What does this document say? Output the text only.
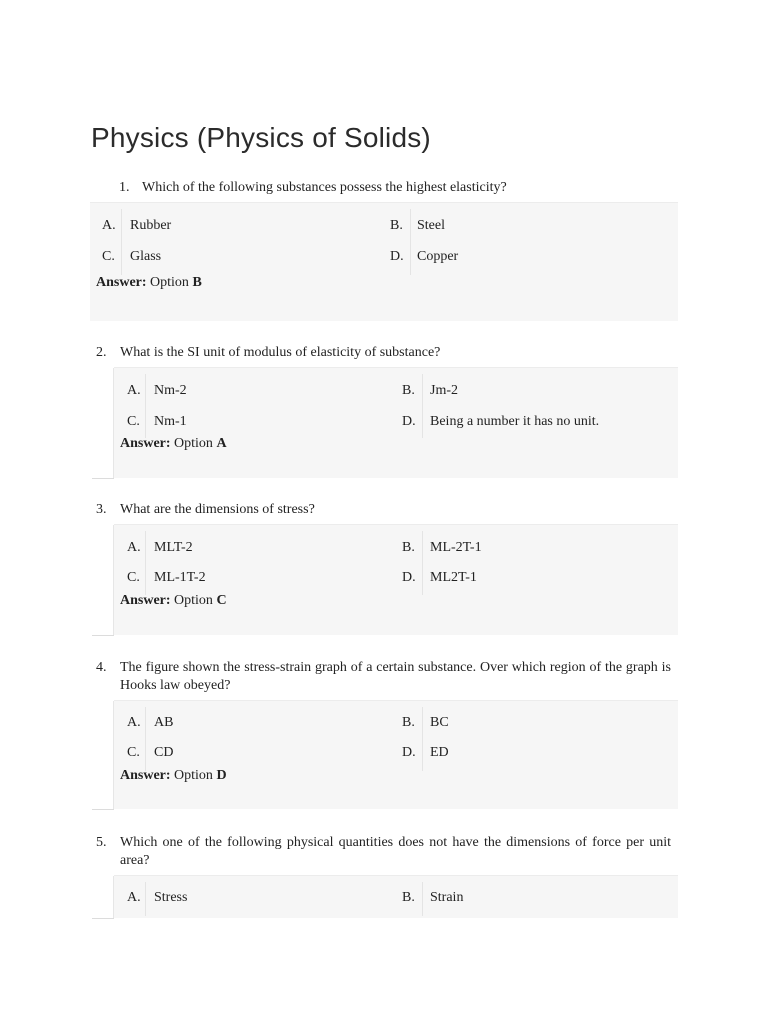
Physics (Physics of Solids)
1. Which of the following substances possess the highest elasticity?
A. Rubber	B. Steel
C. Glass	D. Copper
Answer: Option B
2. What is the SI unit of modulus of elasticity of substance?
A. Nm-2	B. Jm-2
C. Nm-1	D. Being a number it has no unit.
Answer: Option A
3. What are the dimensions of stress?
A. MLT-2	B. ML-2T-1
C. ML-1T-2	D. ML2T-1
Answer: Option C
4. The figure shown the stress-strain graph of a certain substance. Over which region of the graph is Hooks law obeyed?
A. AB	B. BC
C. CD	D. ED
Answer: Option D
5. Which one of the following physical quantities does not have the dimensions of force per unit area?
A. Stress	B. Strain
